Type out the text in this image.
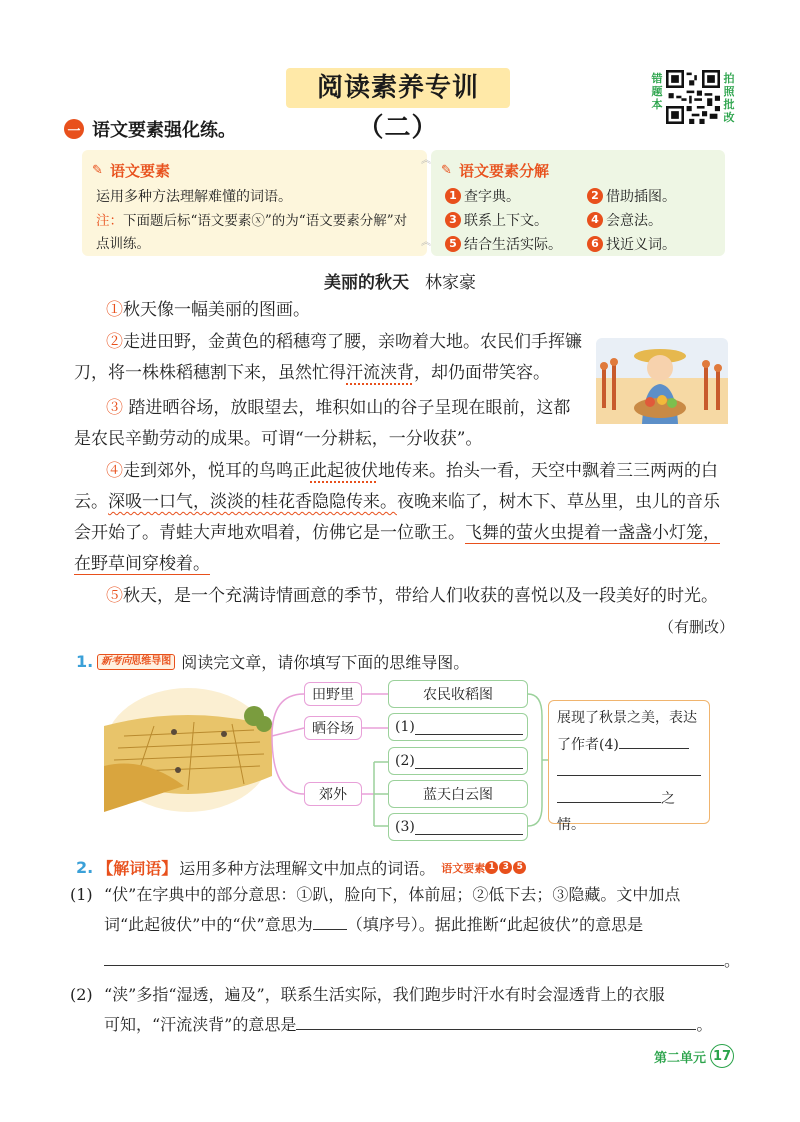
阅读素养专训（二）
错题本
拍照批改
一 语文要素强化练。
✎ 语文要素
运用多种方法理解难懂的词语。
注：下面题后标“语文要素ⓧ”的为“语文要素分解”对点训练。
︽
︽
✎ 语文要素分解
1 查字典。	2 借助插图。
3 联系上下文。	4 会意法。
5 结合生活实际。	6 找近义词。
美丽的秋天 林家豪
①秋天像一幅美丽的图画。
②走进田野，金黄色的稻穗弯了腰，亲吻着大地。农民们手挥镰
刀，将一株株稻穗割下来，虽然忙得汗流浃背，却仍面带笑容。
③ 踏进晒谷场，放眼望去，堆积如山的谷子呈现在眼前，这都
是农民辛勤劳动的成果。可谓“一分耕耘，一分收获”。
④走到郊外，悦耳的鸟鸣正此起彼伏地传来。抬头一看，天空中飘着三三两两的白
云。深吸一口气，淡淡的桂花香隐隐传来。夜晚来临了，树木下、草丛里，虫儿的音乐
会开始了。青蛙大声地欢唱着，仿佛它是一位歌王。飞舞的萤火虫提着一盏盏小灯笼，
在野草间穿梭着。
⑤秋天，是一个充满诗情画意的季节，带给人们收获的喜悦以及一段美好的时光。
（有删改）
1. 新考向思维导图 阅读完文章，请你填写下面的思维导图。
田野里
晒谷场
郊外
农民收稻图
(1)
(2)
蓝天白云图
(3)
展现了秋景之美，表达
了作者(4)
之情。
2. 【解词语】 运用多种方法理解文中加点的词语。 语文要素 1 3 5
(1) “伏”在字典中的部分意思：①趴，脸向下，体前屈；②低下去；③隐藏。文中加点
词“此起彼伏”中的“伏”意思为 （填序号）。据此推断“此起彼伏”的意思是
。
(2) “浃”多指“湿透，遍及”，联系生活实际，我们跑步时汗水有时会湿透背上的衣服
可知，“汗流浃背”的意思是	。
第二单元 17
